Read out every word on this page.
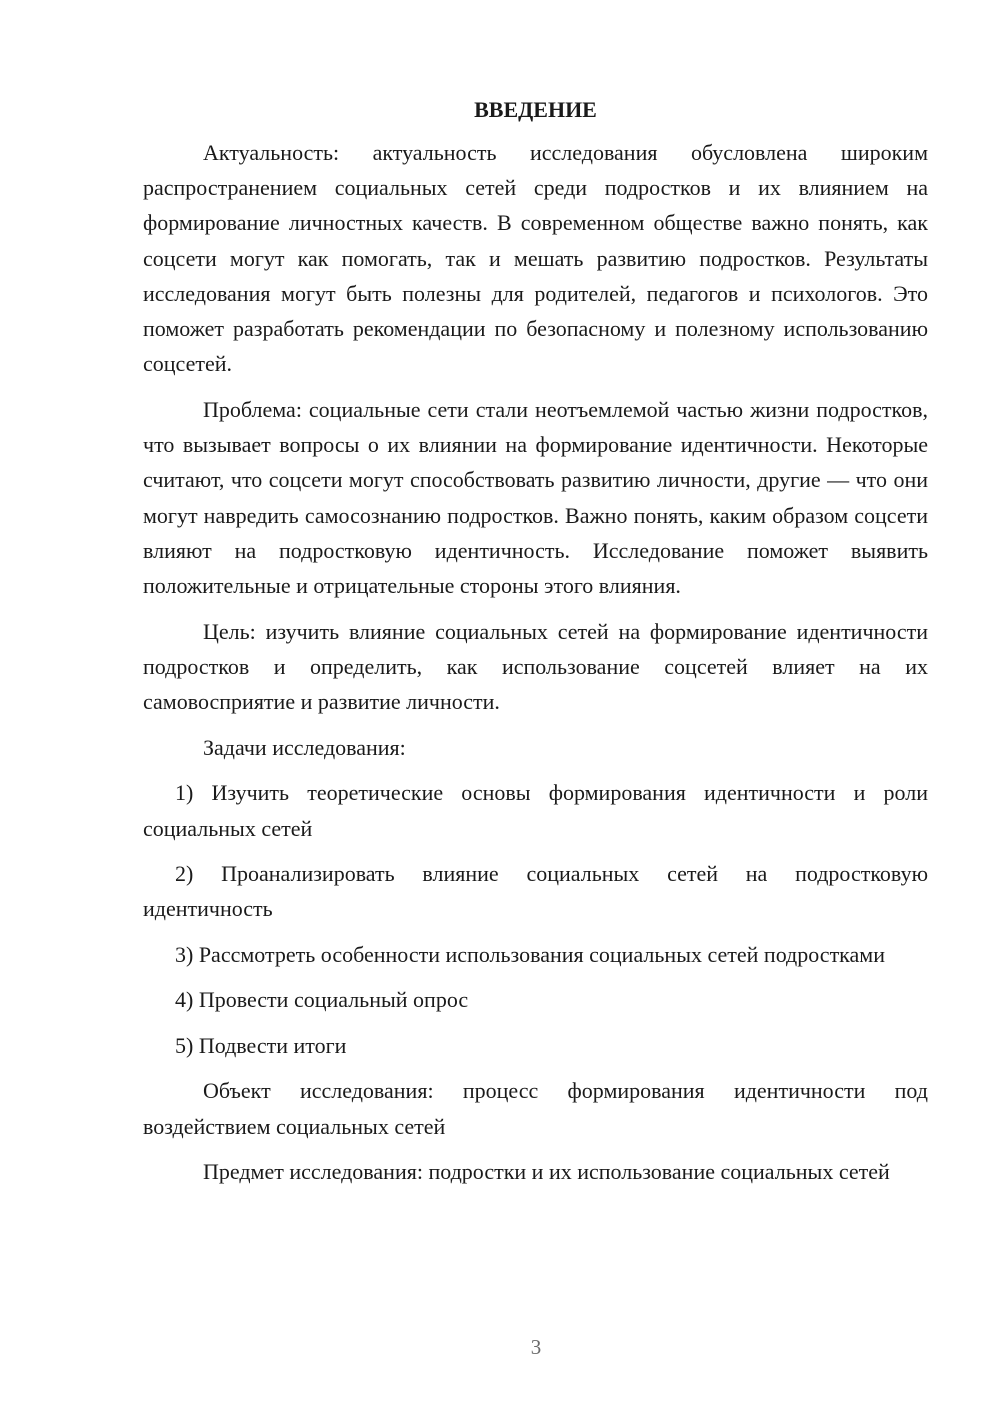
ВВЕДЕНИЕ

Актуальность: актуальность исследования обусловлена широким распространением социальных сетей среди подростков и их влиянием на формирование личностных качеств. В современном обществе важно понять, как соцсети могут как помогать, так и мешать развитию подростков. Результаты исследования могут быть полезны для родителей, педагогов и психологов. Это поможет разработать рекомендации по безопасному и полезному использованию соцсетей.

Проблема: социальные сети стали неотъемлемой частью жизни подростков, что вызывает вопросы о их влиянии на формирование идентичности. Некоторые считают, что соцсети могут способствовать развитию личности, другие — что они могут навредить самосознанию подростков. Важно понять, каким образом соцсети влияют на подростковую идентичность. Исследование поможет выявить положительные и отрицательные стороны этого влияния.

Цель: изучить влияние социальных сетей на формирование идентичности подростков и определить, как использование соцсетей влияет на их самовосприятие и развитие личности.

Задачи исследования:

1) Изучить теоретические основы формирования идентичности и роли социальных сетей

2) Проанализировать влияние социальных сетей на подростковую идентичность

3) Рассмотреть особенности использования социальных сетей подростками

4) Провести социальный опрос

5) Подвести итоги

Объект исследования: процесс формирования идентичности под воздействием социальных сетей

Предмет исследования: подростки и их использование социальных сетей

3
